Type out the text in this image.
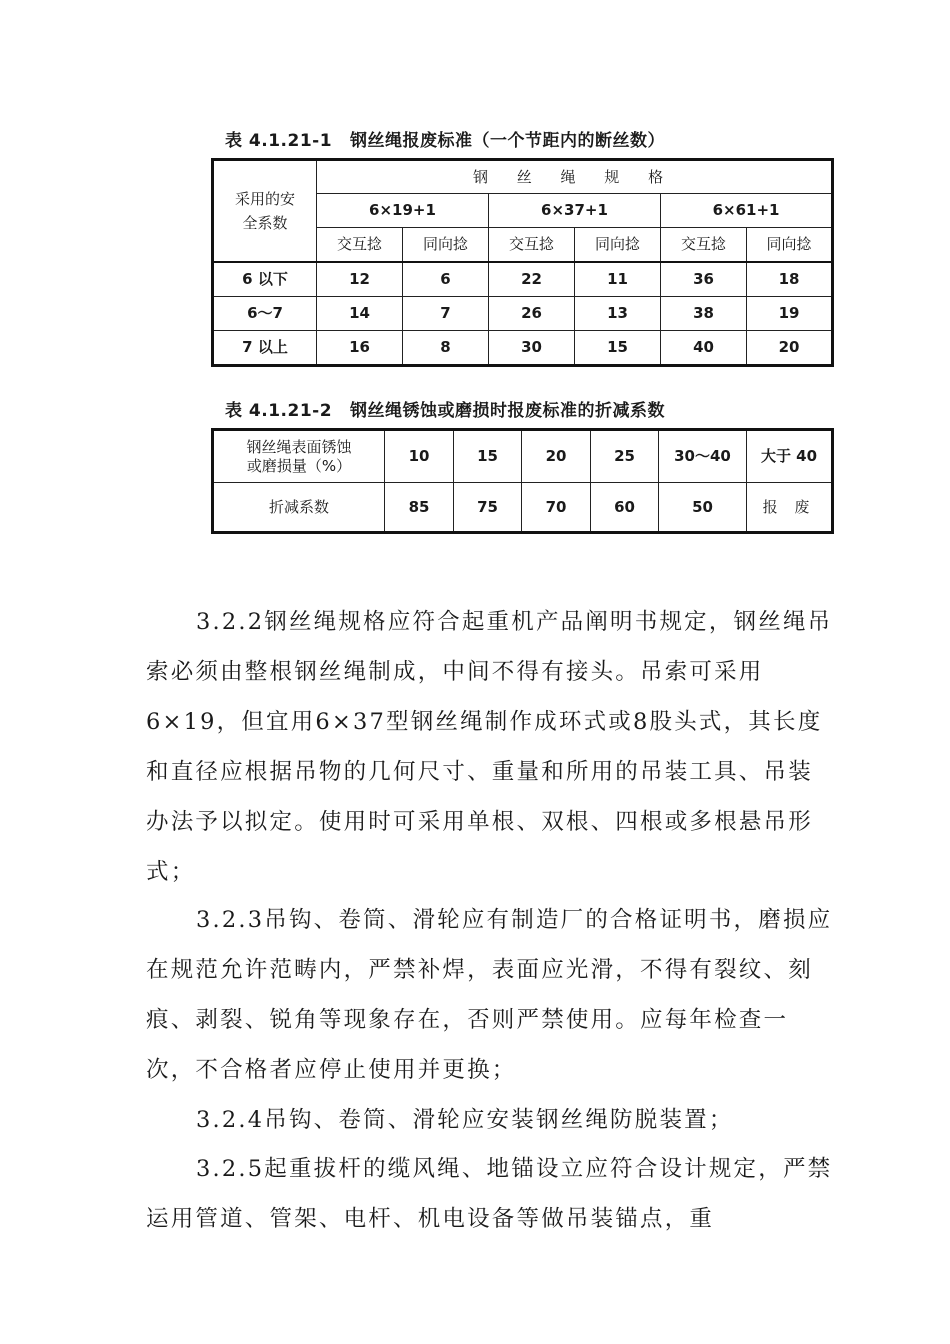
表 4.1.21-1 钢丝绳报废标准（一个节距内的断丝数）
采用的安全系数	钢 丝 绳 规 格					
	6×19+1		6×37+1		6×61+1	
	交互捻	同向捻	交互捻	同向捻	交互捻	同向捻
6 以下	12	6	22	11	36	18
6～7	14	7	26	13	38	19
7 以上	16	8	30	15	40	20
表 4.1.21-2 钢丝绳锈蚀或磨损时报废标准的折减系数
钢丝绳表面锈蚀
或磨损量（%）	10	15	20	25	30～40	大于 40
折减系数	85	75	70	60	50	报 废

3.2.2钢丝绳规格应符合起重机产品阐明书规定，钢丝绳吊索必须由整根钢丝绳制成，中间不得有接头。吊索可采用6×19，但宜用6×37型钢丝绳制作成环式或8股头式，其长度和直径应根据吊物的几何尺寸、重量和所用的吊装工具、吊装办法予以拟定。使用时可采用单根、双根、四根或多根悬吊形式；

3.2.3吊钩、卷筒、滑轮应有制造厂的合格证明书，磨损应在规范允许范畴内，严禁补焊，表面应光滑，不得有裂纹、刻痕、剥裂、锐角等现象存在，否则严禁使用。应每年检查一次，不合格者应停止使用并更换；

3.2.4吊钩、卷筒、滑轮应安装钢丝绳防脱装置；

3.2.5起重拔杆的缆风绳、地锚设立应符合设计规定，严禁运用管道、管架、电杆、机电设备等做吊装锚点，重
